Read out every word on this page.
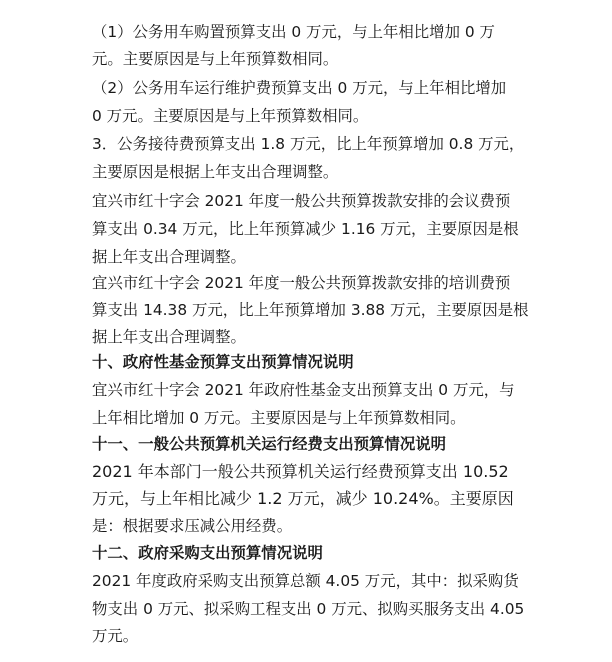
（1）公务用车购置预算支出 0 万元，与上年相比增加 0 万
元。主要原因是与上年预算数相同。
（2）公务用车运行维护费预算支出 0 万元，与上年相比增加
0 万元。主要原因是与上年预算数相同。
3．公务接待费预算支出 1.8 万元，比上年预算增加 0.8 万元，
主要原因是根据上年支出合理调整。
宜兴市红十字会 2021 年度一般公共预算拨款安排的会议费预
算支出 0.34 万元，比上年预算减少 1.16 万元，主要原因是根
据上年支出合理调整。
宜兴市红十字会 2021 年度一般公共预算拨款安排的培训费预
算支出 14.38 万元，比上年预算增加 3.88 万元，主要原因是根
据上年支出合理调整。
十、政府性基金预算支出预算情况说明
宜兴市红十字会 2021 年政府性基金支出预算支出 0 万元，与
上年相比增加 0 万元。主要原因是与上年预算数相同。
十一、一般公共预算机关运行经费支出预算情况说明
2021 年本部门一般公共预算机关运行经费预算支出 10.52
万元，与上年相比减少 1.2 万元，减少 10.24%。主要原因
是：根据要求压减公用经费。
十二、政府采购支出预算情况说明
2021 年度政府采购支出预算总额 4.05 万元，其中：拟采购货
物支出 0 万元、拟采购工程支出 0 万元、拟购买服务支出 4.05
万元。
